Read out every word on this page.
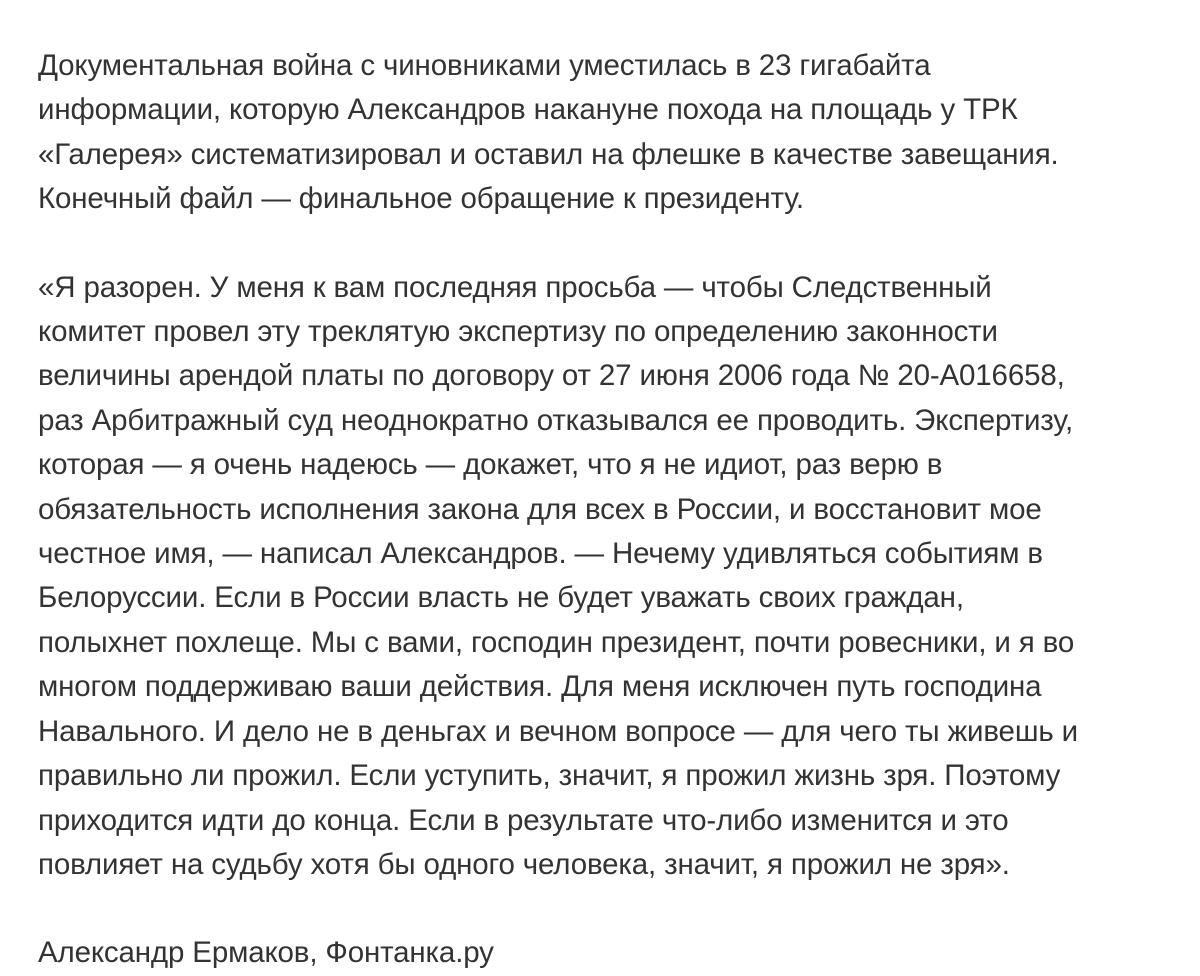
Документальная война с чиновниками уместилась в 23 гигабайта
информации, которую Александров накануне похода на площадь у ТРК
«Галерея» систематизировал и оставил на флешке в качестве завещания.
Конечный файл — финальное обращение к президенту.

«Я разорен. У меня к вам последняя просьба — чтобы Следственный
комитет провел эту треклятую экспертизу по определению законности
величины арендой платы по договору от 27 июня 2006 года № 20-А016658,
раз Арбитражный суд неоднократно отказывался ее проводить. Экспертизу,
которая — я очень надеюсь — докажет, что я не идиот, раз верю в
обязательность исполнения закона для всех в России, и восстановит мое
честное имя, — написал Александров. — Нечему удивляться событиям в
Белоруссии. Если в России власть не будет уважать своих граждан,
полыхнет похлеще. Мы с вами, господин президент, почти ровесники, и я во
многом поддерживаю ваши действия. Для меня исключен путь господина
Навального. И дело не в деньгах и вечном вопросе — для чего ты живешь и
правильно ли прожил. Если уступить, значит, я прожил жизнь зря. Поэтому
приходится идти до конца. Если в результате что-либо изменится и это
повлияет на судьбу хотя бы одного человека, значит, я прожил не зря».

Александр Ермаков, Фонтанка.ру
